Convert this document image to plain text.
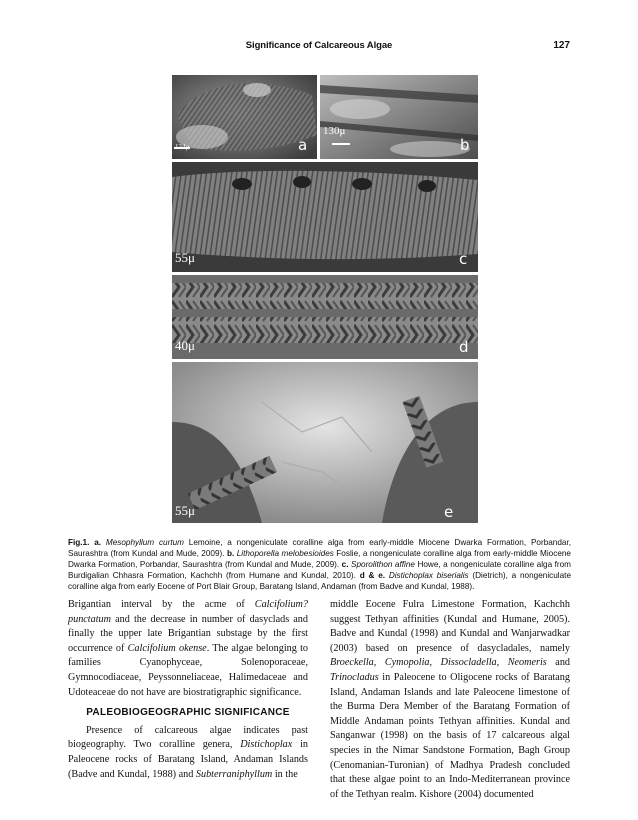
Significance of Calcareous Algae	127
134μ	a
130μ
b
55μ	c
40μ	d
55μ	e
Fig.1. a. Mesophyllum curtum Lemoine, a nongeniculate coralline alga from early-middle Miocene Dwarka Formation, Porbandar, Saurashtra (from Kundal and Mude, 2009). b. Lithoporella melobesioides Foslie, a nongeniculate coralline alga from early-middle Miocene Dwarka Formation, Porbandar, Saurashtra (from Kundal and Mude, 2009). c. Sporolithon affine Howe, a nongeniculate coralline alga from Burdigalian Chhasra Formation, Kachchh (from Humane and Kundal, 2010). d & e. Distichoplax biserialis (Dietrich), a nongeniculate coralline alga from early Eocene of Port Blair Group, Baratang Island, Andaman (from Badve and Kundal, 1988).

Brigantian interval by the acme of Calcifolium? punctatum and the decrease in number of dasyclads and finally the upper late Brigantian substage by the first occurrence of Calcifolium okense. The algae belonging to families Cyanophyceae, Solenoporaceae, Gymnocodiaceae, Peyssonneliaceae, Halimedaceae and Udoteaceae do not have are biostratigraphic significance.

PALEOBIOGEOGRAPHIC SIGNIFICANCE

Presence of calcareous algae indicates past biogeography. Two coralline genera, Distichoplax in Paleocene rocks of Baratang Island, Andaman Islands (Badve and Kundal, 1988) and Subterraniphyllum in the

middle Eocene Fulra Limestone Formation, Kachchh suggest Tethyan affinities (Kundal and Humane, 2005). Badve and Kundal (1998) and Kundal and Wanjarwadkar (2003) based on presence of dasycladales, namely Broeckella, Cymopolia, Dissocladella, Neomeris and Trinocladus in Paleocene to Oligocene rocks of Baratang Island, Andaman Islands and late Paleocene limestone of the Burma Dera Member of the Baratang Formation of Middle Andaman points Tethyan affinities. Kundal and Sanganwar (1998) on the basis of 17 calcareous algal species in the Nimar Sandstone Formation, Bagh Group (Cenomanian-Turonian) of Madhya Pradesh concluded that these algae point to an Indo-Mediterranean province of the Tethyan realm. Kishore (2004) documented
